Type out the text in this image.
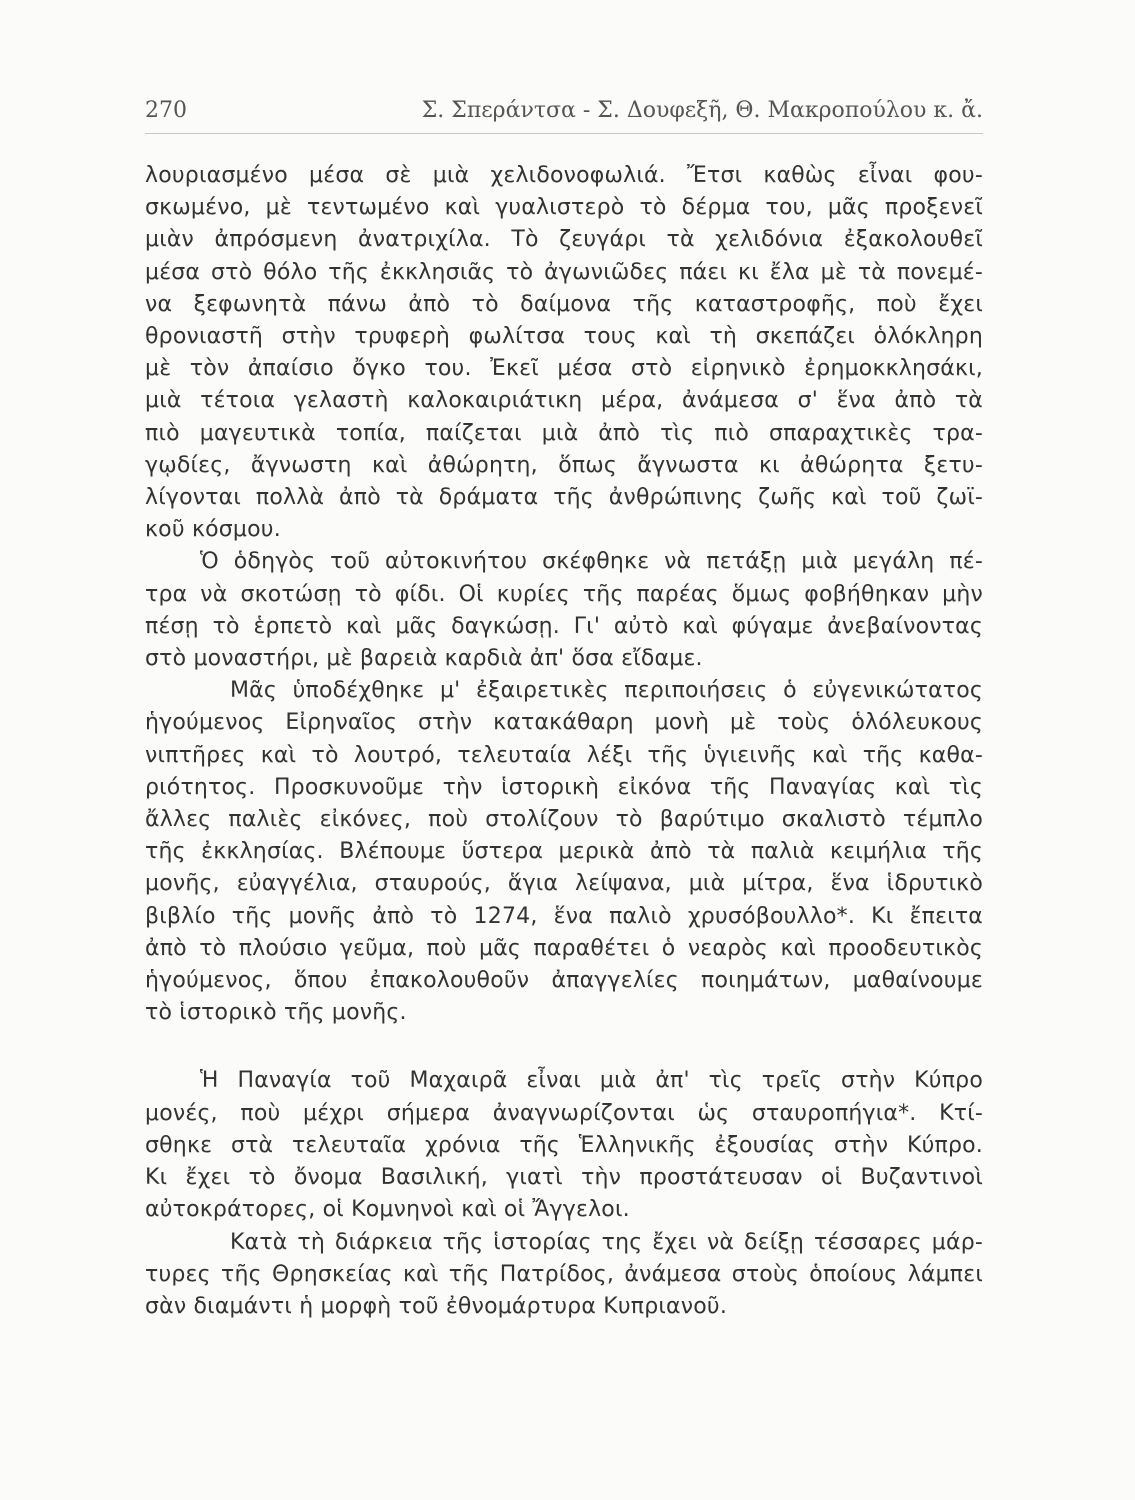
270	Σ. Σπεράντσα - Σ. Δουφεξῆ, Θ. Μακροπούλου κ. ἄ.

λουριασμένο μέσα σὲ μιὰ χελιδονοφωλιά. Ἔτσι καθὼς εἶναι φου-
σκωμένο, μὲ τεντωμένο καὶ γυαλιστερὸ τὸ δέρμα του, μᾶς προξενεῖ
μιὰν ἀπρόσμενη ἀνατριχίλα. Τὸ ζευγάρι τὰ χελιδόνια ἐξακολουθεῖ
μέσα στὸ θόλο τῆς ἐκκλησιᾶς τὸ ἀγωνιῶδες πάει κι ἔλα μὲ τὰ πονεμέ-
να ξεφωνητὰ πάνω ἀπὸ τὸ δαίμονα τῆς καταστροφῆς, ποὺ ἔχει
θρονιαστῆ στὴν τρυφερὴ φωλίτσα τους καὶ τὴ σκεπάζει ὁλόκληρη
μὲ τὸν ἀπαίσιο ὄγκο του. Ἐκεῖ μέσα στὸ εἰρηνικὸ ἐρημοκκλησάκι,
μιὰ τέτοια γελαστὴ καλοκαιριάτικη μέρα, ἀνάμεσα σ' ἕνα ἀπὸ τὰ
πιὸ μαγευτικὰ τοπία, παίζεται μιὰ ἀπὸ τὶς πιὸ σπαραχτικὲς τρα-
γῳδίες, ἄγνωστη καὶ ἀθώρητη, ὅπως ἄγνωστα κι ἀθώρητα ξετυ-
λίγονται πολλὰ ἀπὸ τὰ δράματα τῆς ἀνθρώπινης ζωῆς καὶ τοῦ ζωϊ-
κοῦ κόσμου.

Ὁ ὁδηγὸς τοῦ αὐτοκινήτου σκέφθηκε νὰ πετάξῃ μιὰ μεγάλη πέ-
τρα νὰ σκοτώσῃ τὸ φίδι. Οἱ κυρίες τῆς παρέας ὅμως φοβήθηκαν μὴν
πέσῃ τὸ ἑρπετὸ καὶ μᾶς δαγκώσῃ. Γι' αὐτὸ καὶ φύγαμε ἀνεβαίνοντας
στὸ μοναστήρι, μὲ βαρειὰ καρδιὰ ἀπ' ὅσα εἴδαμε.

Μᾶς ὑποδέχθηκε μ' ἐξαιρετικὲς περιποιήσεις ὁ εὐγενικώτατος
ἡγούμενος Εἰρηναῖος στὴν κατακάθαρη μονὴ μὲ τοὺς ὁλόλευκους
νιπτῆρες καὶ τὸ λουτρό, τελευταία λέξι τῆς ὑγιεινῆς καὶ τῆς καθα-
ριότητος. Προσκυνοῦμε τὴν ἱστορικὴ εἰκόνα τῆς Παναγίας καὶ τὶς
ἄλλες παλιὲς εἰκόνες, ποὺ στολίζουν τὸ βαρύτιμο σκαλιστὸ τέμπλο
τῆς ἐκκλησίας. Βλέπουμε ὕστερα μερικὰ ἀπὸ τὰ παλιὰ κειμήλια τῆς
μονῆς, εὐαγγέλια, σταυρούς, ἅγια λείψανα, μιὰ μίτρα, ἕνα ἱδρυτικὸ
βιβλίο τῆς μονῆς ἀπὸ τὸ 1274, ἕνα παλιὸ χρυσόβουλλο*. Κι ἔπειτα
ἀπὸ τὸ πλούσιο γεῦμα, ποὺ μᾶς παραθέτει ὁ νεαρὸς καὶ προοδευτικὸς
ἡγούμενος, ὅπου ἐπακολουθοῦν ἀπαγγελίες ποιημάτων, μαθαίνουμε
τὸ ἱστορικὸ τῆς μονῆς.

Ἡ Παναγία τοῦ Μαχαιρᾶ εἶναι μιὰ ἀπ' τὶς τρεῖς στὴν Κύπρο
μονές, ποὺ μέχρι σήμερα ἀναγνωρίζονται ὡς σταυροπήγια*. Κτί-
σθηκε στὰ τελευταῖα χρόνια τῆς Ἑλληνικῆς ἐξουσίας στὴν Κύπρο.
Κι ἔχει τὸ ὄνομα Βασιλική, γιατὶ τὴν προστάτευσαν οἱ Βυζαντινοὶ
αὐτοκράτορες, οἱ Κομνηνοὶ καὶ οἱ Ἄγγελοι.

Κατὰ τὴ διάρκεια τῆς ἱστορίας της ἔχει νὰ δείξῃ τέσσαρες μάρ-
τυρες τῆς Θρησκείας καὶ τῆς Πατρίδος, ἀνάμεσα στοὺς ὁποίους λάμπει
σὰν διαμάντι ἡ μορφὴ τοῦ ἐθνομάρτυρα Κυπριανοῦ.
